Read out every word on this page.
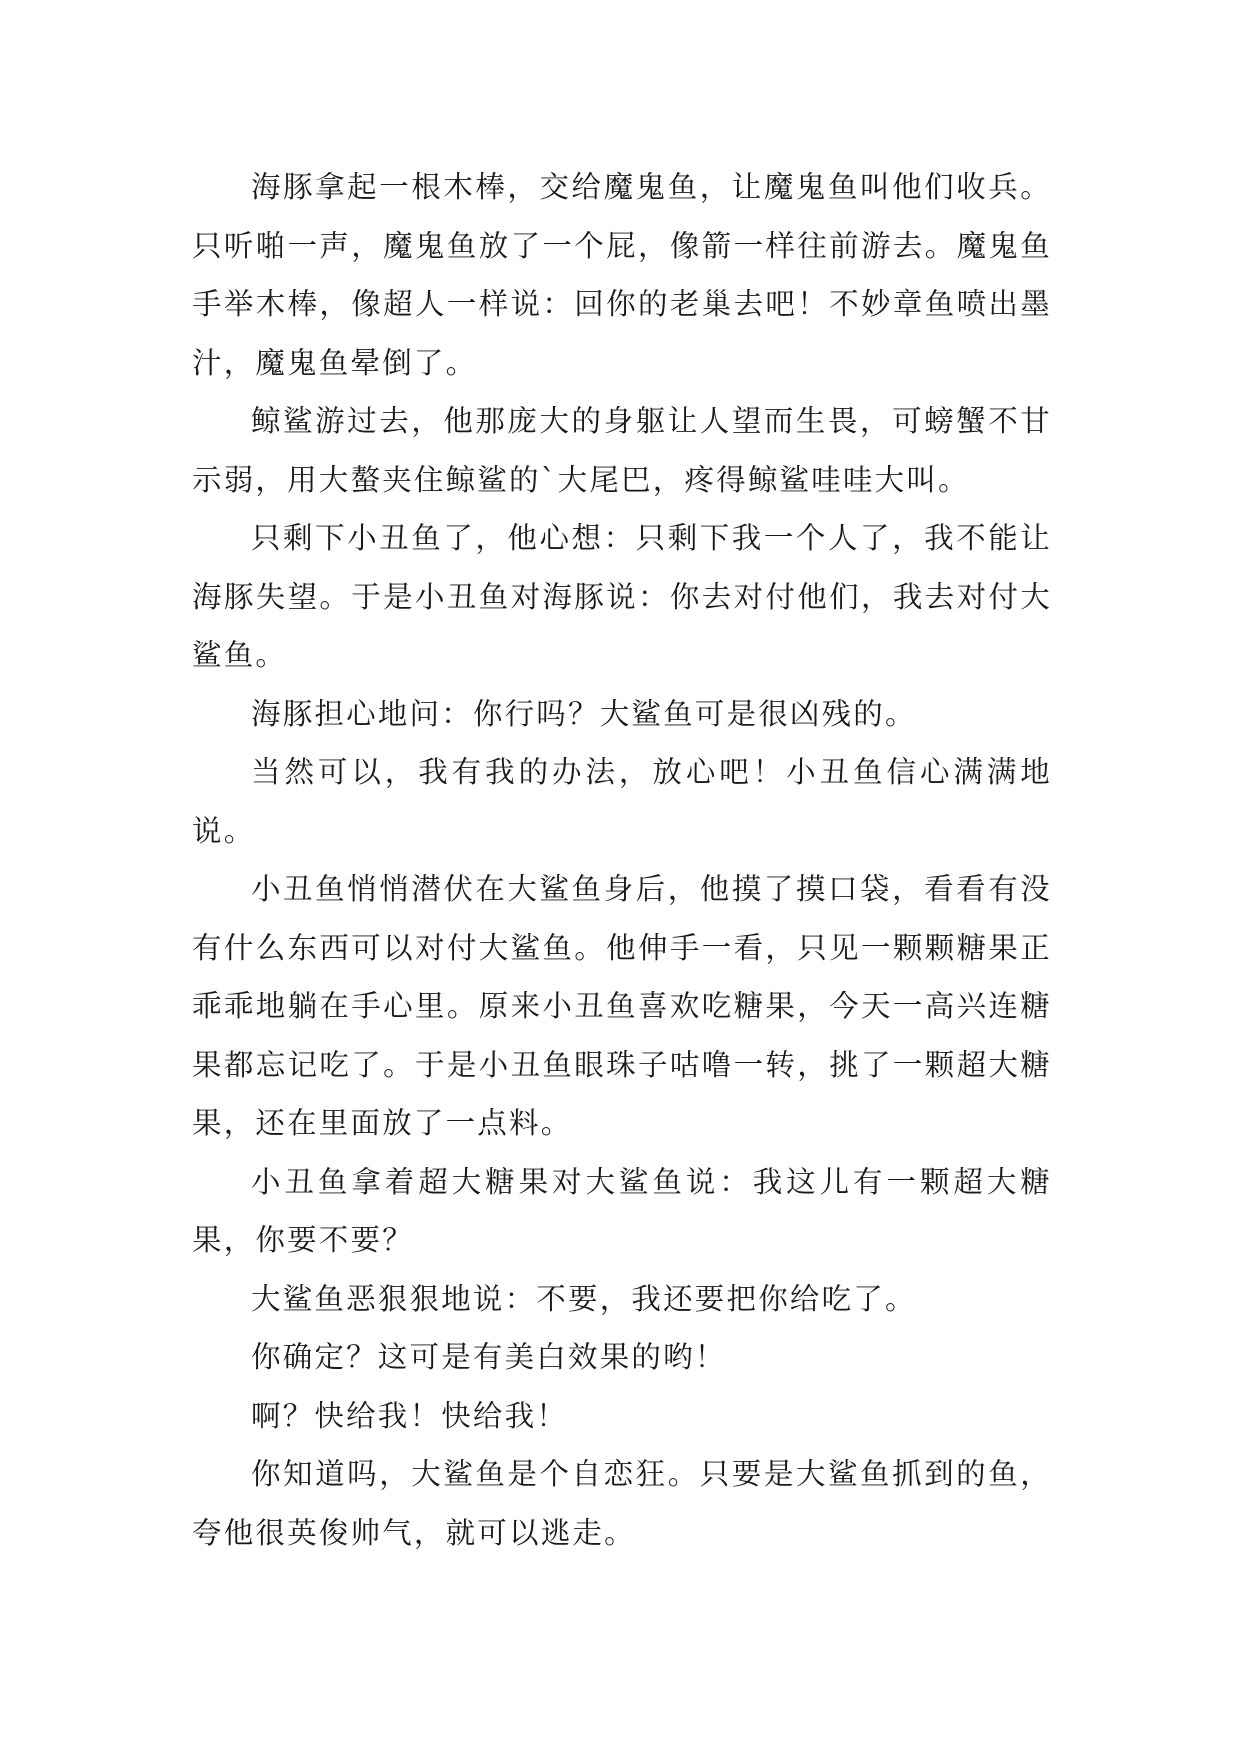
海豚拿起一根木棒，交给魔鬼鱼，让魔鬼鱼叫他们收兵。只听啪一声，魔鬼鱼放了一个屁，像箭一样往前游去。魔鬼鱼手举木棒，像超人一样说：回你的老巢去吧！不妙章鱼喷出墨汁，魔鬼鱼晕倒了。

鲸鲨游过去，他那庞大的身躯让人望而生畏，可螃蟹不甘示弱，用大螯夹住鲸鲨的`大尾巴，疼得鲸鲨哇哇大叫。

只剩下小丑鱼了，他心想：只剩下我一个人了，我不能让海豚失望。于是小丑鱼对海豚说：你去对付他们，我去对付大鲨鱼。

海豚担心地问：你行吗？大鲨鱼可是很凶残的。

当然可以，我有我的办法，放心吧！小丑鱼信心满满地说。

小丑鱼悄悄潜伏在大鲨鱼身后，他摸了摸口袋，看看有没有什么东西可以对付大鲨鱼。他伸手一看，只见一颗颗糖果正乖乖地躺在手心里。原来小丑鱼喜欢吃糖果，今天一高兴连糖果都忘记吃了。于是小丑鱼眼珠子咕噜一转，挑了一颗超大糖果，还在里面放了一点料。

小丑鱼拿着超大糖果对大鲨鱼说：我这儿有一颗超大糖果，你要不要？

大鲨鱼恶狠狠地说：不要，我还要把你给吃了。

你确定？这可是有美白效果的哟！

啊？快给我！快给我！

你知道吗，大鲨鱼是个自恋狂。只要是大鲨鱼抓到的鱼，夸他很英俊帅气，就可以逃走。
